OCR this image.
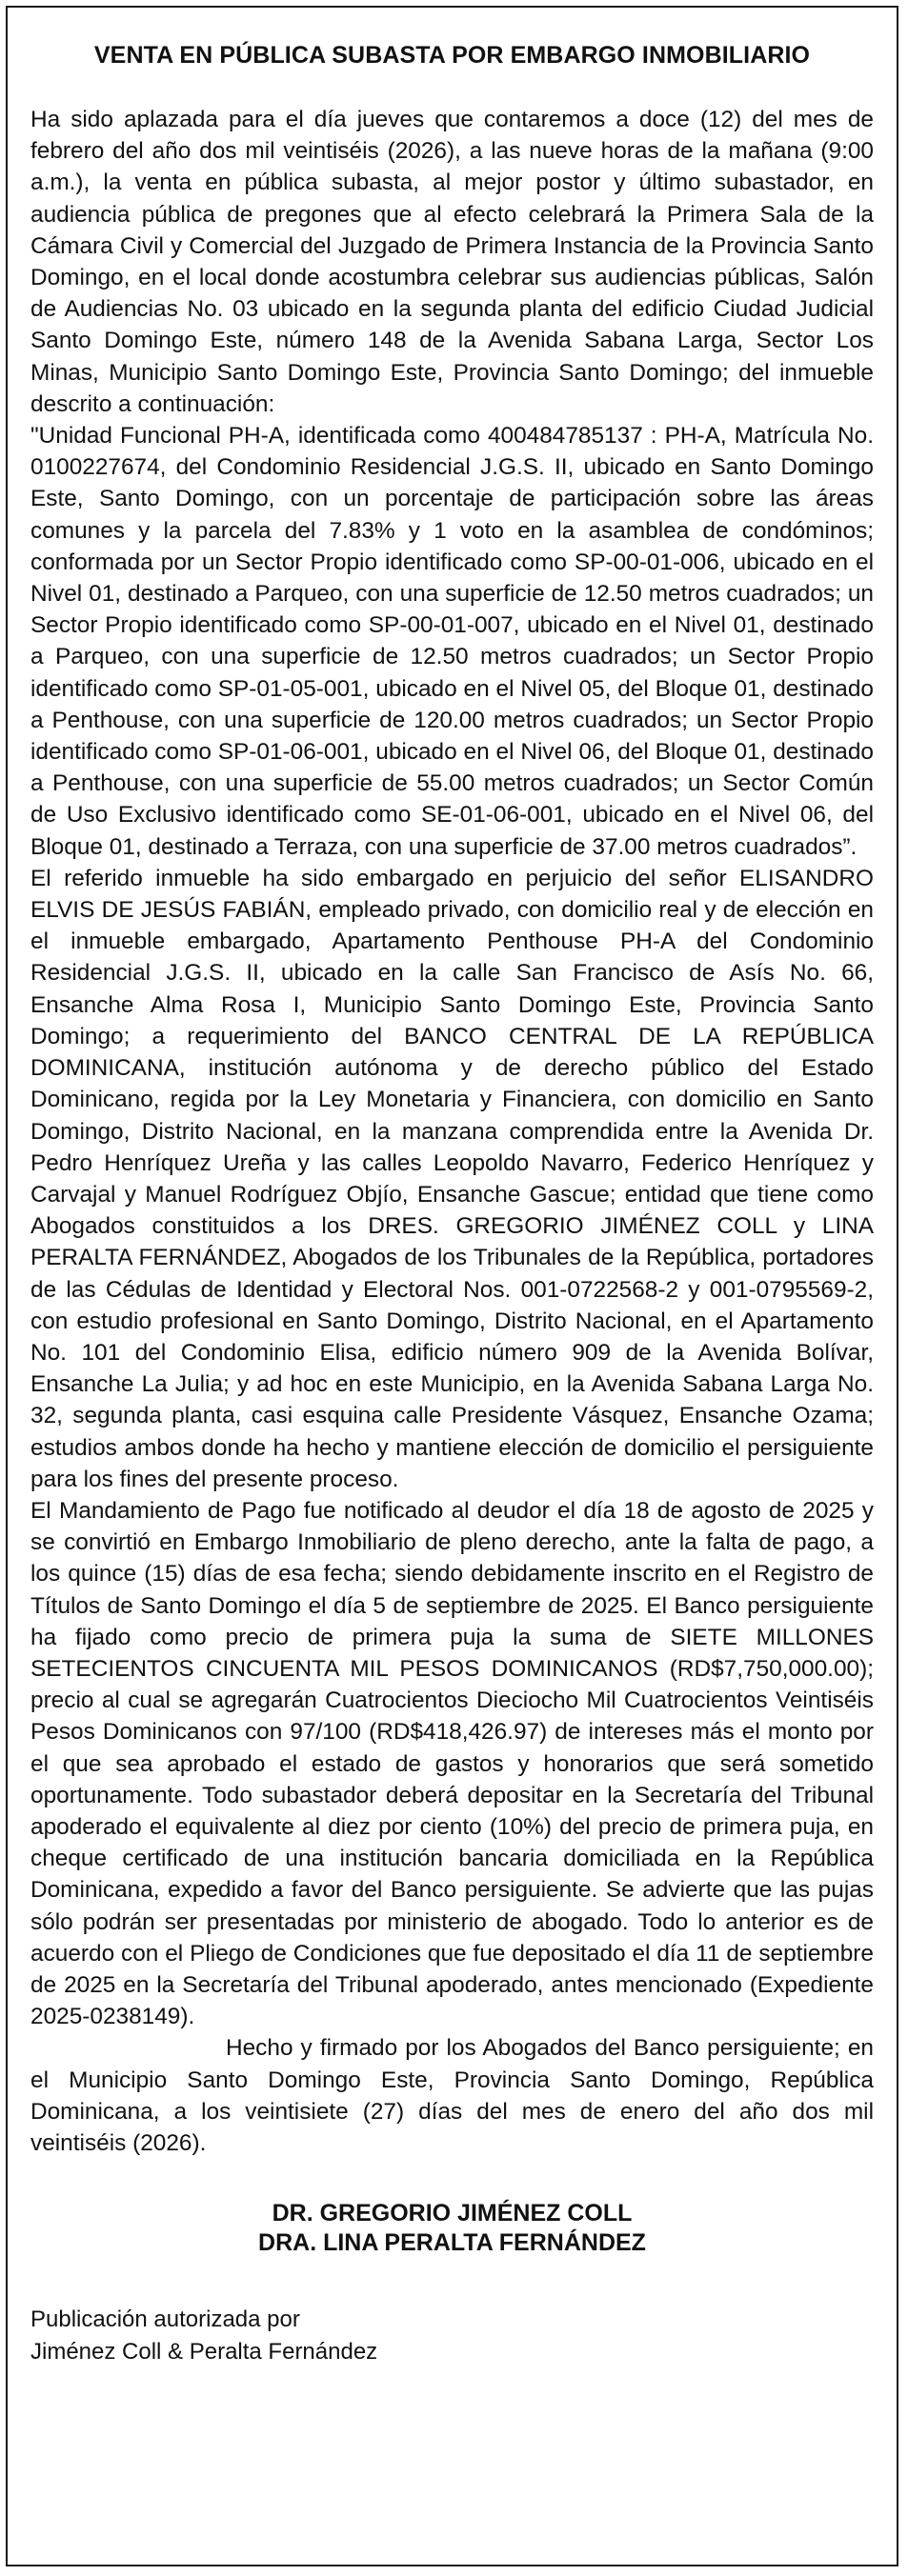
VENTA EN PÚBLICA SUBASTA POR EMBARGO INMOBILIARIO

Ha sido aplazada para el día jueves que contaremos a doce (12) del mes de febrero del año dos mil veintiséis (2026), a las nueve horas de la mañana (9:00 a.m.), la venta en pública subasta, al mejor postor y último subastador, en audiencia pública de pregones que al efecto celebrará la Primera Sala de la Cámara Civil y Comercial del Juzgado de Primera Instancia de la Provincia Santo Domingo, en el local donde acostumbra celebrar sus audiencias públicas, Salón de Audiencias No. 03 ubicado en la segunda planta del edificio Ciudad Judicial Santo Domingo Este, número 148 de la Avenida Sabana Larga, Sector Los Minas, Municipio Santo Domingo Este, Provincia Santo Domingo; del inmueble descrito a continuación:

"Unidad Funcional PH-A, identificada como 400484785137 : PH-A, Matrícula No. 0100227674, del Condominio Residencial J.G.S. II, ubicado en Santo Domingo Este, Santo Domingo, con un porcentaje de participación sobre las áreas comunes y la parcela del 7.83% y 1 voto en la asamblea de condóminos; conformada por un Sector Propio identificado como SP-00-01-006, ubicado en el Nivel 01, destinado a Parqueo, con una superficie de 12.50 metros cuadrados; un Sector Propio identificado como SP-00-01-007, ubicado en el Nivel 01, destinado a Parqueo, con una superficie de 12.50 metros cuadrados; un Sector Propio identificado como SP-01-05-001, ubicado en el Nivel 05, del Bloque 01, destinado a Penthouse, con una superficie de 120.00 metros cuadrados; un Sector Propio identificado como SP-01-06-001, ubicado en el Nivel 06, del Bloque 01, destinado a Penthouse, con una superficie de 55.00 metros cuadrados; un Sector Común de Uso Exclusivo identificado como SE-01-06-001, ubicado en el Nivel 06, del Bloque 01, destinado a Terraza, con una superficie de 37.00 metros cuadrados”.

El referido inmueble ha sido embargado en perjuicio del señor ELISANDRO ELVIS DE JESÚS FABIÁN, empleado privado, con domicilio real y de elección en el inmueble embargado, Apartamento Penthouse PH-A del Condominio Residencial J.G.S. II, ubicado en la calle San Francisco de Asís No. 66, Ensanche Alma Rosa I, Municipio Santo Domingo Este, Provincia Santo Domingo; a requerimiento del BANCO CENTRAL DE LA REPÚBLICA DOMINICANA, institución autónoma y de derecho público del Estado Dominicano, regida por la Ley Monetaria y Financiera, con domicilio en Santo Domingo, Distrito Nacional, en la manzana comprendida entre la Avenida Dr. Pedro Henríquez Ureña y las calles Leopoldo Navarro, Federico Henríquez y Carvajal y Manuel Rodríguez Objío, Ensanche Gascue; entidad que tiene como Abogados constituidos a los DRES. GREGORIO JIMÉNEZ COLL y LINA PERALTA FERNÁNDEZ, Abogados de los Tribunales de la República, portadores de las Cédulas de Identidad y Electoral Nos. 001-0722568-2 y 001-0795569-2, con estudio profesional en Santo Domingo, Distrito Nacional, en el Apartamento No. 101 del Condominio Elisa, edificio número 909 de la Avenida Bolívar, Ensanche La Julia; y ad hoc en este Municipio, en la Avenida Sabana Larga No. 32, segunda planta, casi esquina calle Presidente Vásquez, Ensanche Ozama; estudios ambos donde ha hecho y mantiene elección de domicilio el persiguiente para los fines del presente proceso.

El Mandamiento de Pago fue notificado al deudor el día 18 de agosto de 2025 y se convirtió en Embargo Inmobiliario de pleno derecho, ante la falta de pago, a los quince (15) días de esa fecha; siendo debidamente inscrito en el Registro de Títulos de Santo Domingo el día 5 de septiembre de 2025. El Banco persiguiente ha fijado como precio de primera puja la suma de SIETE MILLONES SETECIENTOS CINCUENTA MIL PESOS DOMINICANOS (RD$7,750,000.00); precio al cual se agregarán Cuatrocientos Dieciocho Mil Cuatrocientos Veintiséis Pesos Dominicanos con 97/100 (RD$418,426.97) de intereses más el monto por el que sea aprobado el estado de gastos y honorarios que será sometido oportunamente. Todo subastador deberá depositar en la Secretaría del Tribunal apoderado el equivalente al diez por ciento (10%) del precio de primera puja, en cheque certificado de una institución bancaria domiciliada en la República Dominicana, expedido a favor del Banco persiguiente. Se advierte que las pujas sólo podrán ser presentadas por ministerio de abogado. Todo lo anterior es de acuerdo con el Pliego de Condiciones que fue depositado el día 11 de septiembre de 2025 en la Secretaría del Tribunal apoderado, antes mencionado (Expediente 2025-0238149).

Hecho y firmado por los Abogados del Banco persiguiente; en el Municipio Santo Domingo Este, Provincia Santo Domingo, República Dominicana, a los veintisiete (27) días del mes de enero del año dos mil veintiséis (2026).

DR. GREGORIO JIMÉNEZ COLL
DRA. LINA PERALTA FERNÁNDEZ
Publicación autorizada por
Jiménez Coll & Peralta Fernández
